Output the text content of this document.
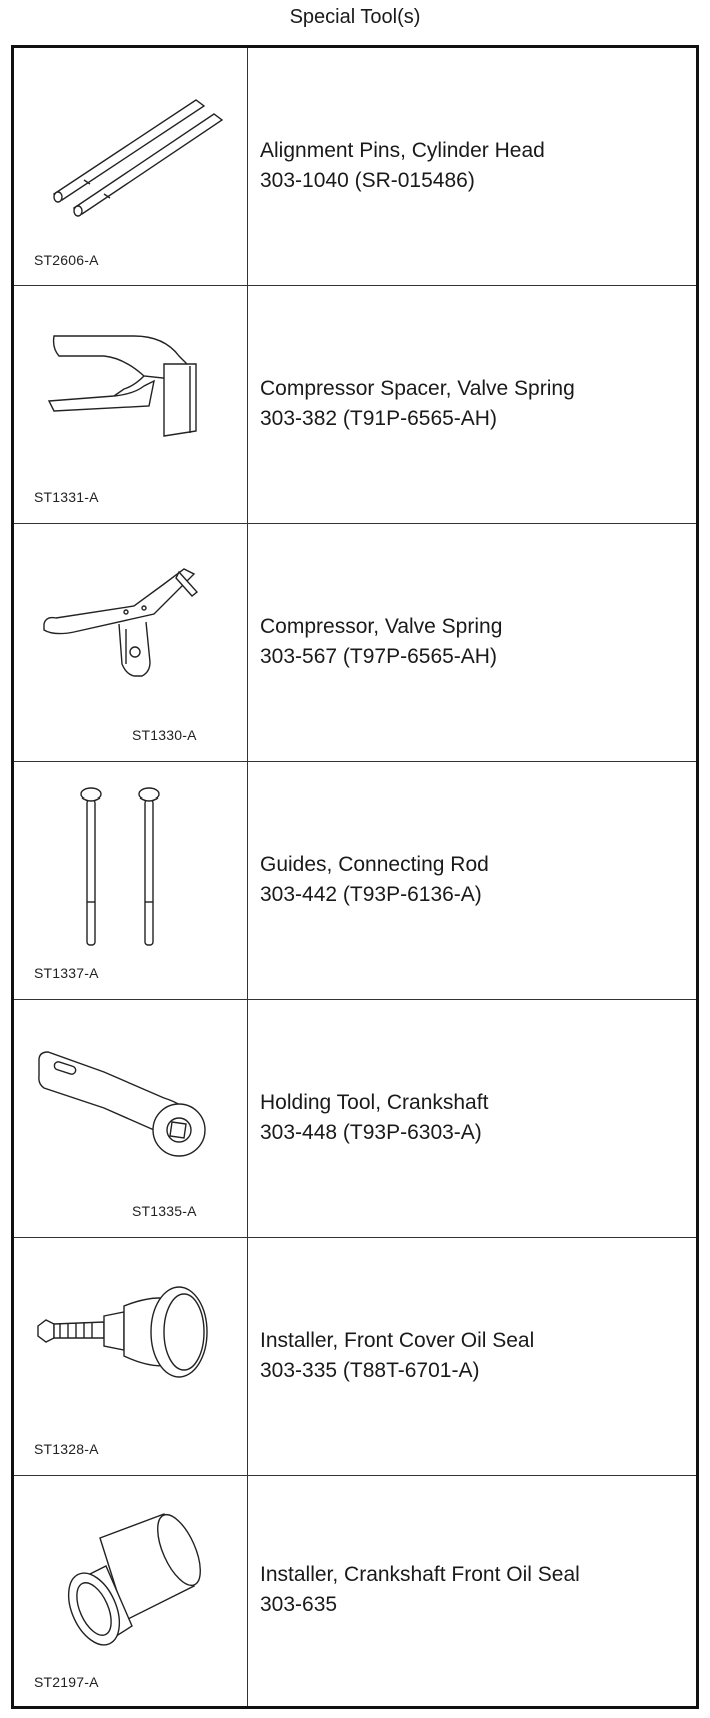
Special Tool(s)
ST2606-A
Alignment Pins, Cylinder Head
303-1040 (SR-015486)
ST1331-A
Compressor Spacer, Valve Spring
303-382 (T91P-6565-AH)
ST1330-A
Compressor, Valve Spring
303-567 (T97P-6565-AH)
ST1337-A
Guides, Connecting Rod
303-442 (T93P-6136-A)
ST1335-A
Holding Tool, Crankshaft
303-448 (T93P-6303-A)
ST1328-A
Installer, Front Cover Oil Seal
303-335 (T88T-6701-A)
ST2197-A
Installer, Crankshaft Front Oil Seal
303-635
